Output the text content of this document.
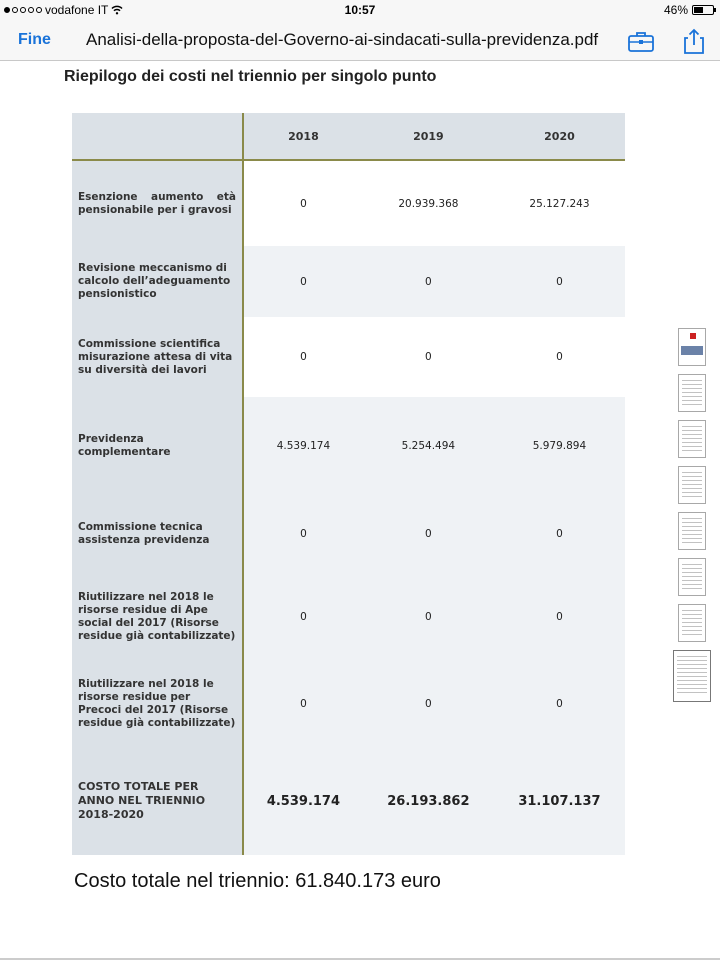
vodafone IT	10:57	46%
Fine Analisi-della-proposta-del-Governo-ai-sindacati-sulla-previdenza.pdf
Riepilogo dei costi nel triennio per singolo punto
	2018	2019	2020
Esenzione aumento età pensionabile per i gravosi	0	20.939.368	25.127.243
Revisione meccanismo di calcolo dell’adeguamento pensionistico	0	0	0
Commissione scientifica misurazione attesa di vita su diversità dei lavori	0	0	0
Previdenza complementare	4.539.174	5.254.494	5.979.894
Commissione tecnica assistenza previdenza	0	0	0
Riutilizzare nel 2018 le risorse residue di Ape social del 2017 (Risorse residue già contabilizzate)	0	0	0
Riutilizzare nel 2018 le risorse residue per Precoci del 2017 (Risorse residue già contabilizzate)	0	0	0
COSTO TOTALE PER ANNO NEL TRIENNIO 2018-2020	4.539.174	26.193.862	31.107.137
Costo totale nel triennio: 61.840.173 euro
